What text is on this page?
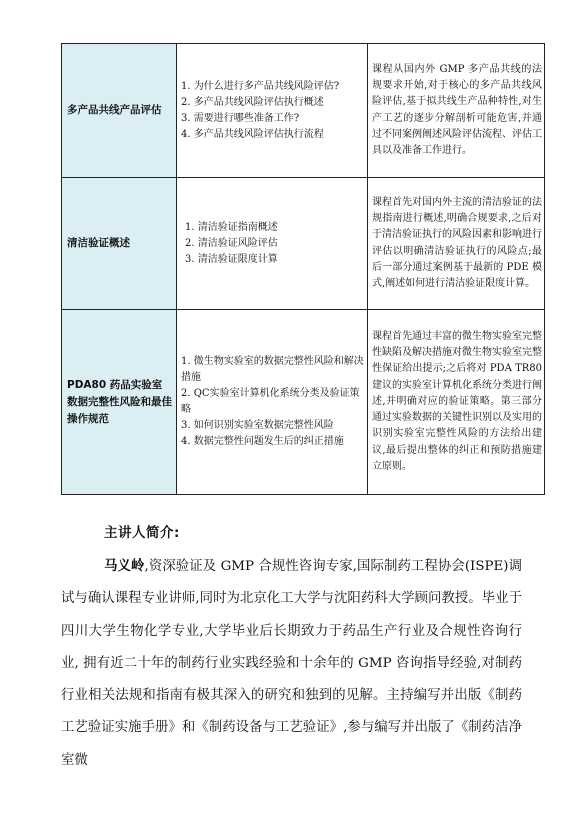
多产品共线产品评估	1. 为什么进行多产品共线风险评估?
2. 多产品共线风险评估执行概述
3. 需要进行哪些准备工作?
4. 多产品共线风险评估执行流程	课程从国内外 GMP 多产品共线的法规要求开始,对于核心的多产品共线风险评估,基于拟共线生产品种特性,对生产工艺的逐步分解剖析可能危害,并通过不同案例阐述风险评估流程、评估工具以及准备工作进行。
清洁验证概述	1. 清洁验证指南概述
2. 清洁验证风险评估
3. 清洁验证限度计算	课程首先对国内外主流的清洁验证的法规指南进行概述,明确合规要求,之后对于清洁验证执行的风险因素和影响进行评估以明确清洁验证执行的风险点;最后一部分通过案例基于最新的 PDE 模式,阐述如何进行清洁验证限度计算。
PDA80 药品实验室数据完整性风险和最佳操作规范	1. 微生物实验室的数据完整性风险和解决措施
2. QC实验室计算机化系统分类及验证策略
3. 如何识别实验室数据完整性风险
4. 数据完整性问题发生后的纠正措施	课程首先通过丰富的微生物实验室完整性缺陷及解决措施对微生物实验室完整性保证给出提示;之后将对 PDA TR80 建议的实验室计算机化系统分类进行阐述,并明确对应的验证策略。第三部分通过实验数据的关键性识别以及实用的识别实验室完整性风险的方法给出建议,最后提出整体的纠正和预防措施建立原则。
主讲人简介:
马义岭,资深验证及 GMP 合规性咨询专家,国际制药工程协会(ISPE)调试与确认课程专业讲师,同时为北京化工大学与沈阳药科大学顾问教授。毕业于四川大学生物化学专业,大学毕业后长期致力于药品生产行业及合规性咨询行业, 拥有近二十年的制药行业实践经验和十余年的 GMP 咨询指导经验,对制药行业相关法规和指南有极其深入的研究和独到的见解。主持编写并出版《制药工艺验证实施手册》和《制药设备与工艺验证》,参与编写并出版了《制药洁净室微
